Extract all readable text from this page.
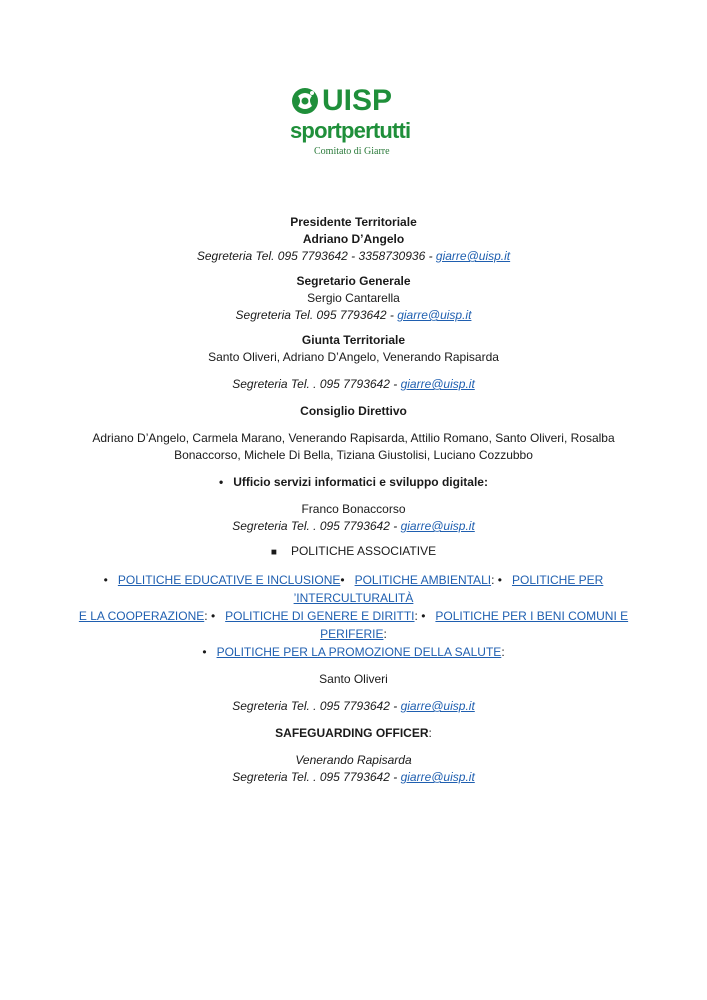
UISP
sportpertutti
Comitato di Giarre
Presidente Territoriale
Adriano D’Angelo
Segreteria Tel. 095 7793642 - 3358730936 - giarre@uisp.it
Segretario Generale
Sergio Cantarella
Segreteria Tel. 095 7793642 - giarre@uisp.it
Giunta Territoriale
Santo Oliveri, Adriano D’Angelo, Venerando Rapisarda
Segreteria Tel. . 095 7793642 - giarre@uisp.it
Consiglio Direttivo
Adriano D’Angelo, Carmela Marano, Venerando Rapisarda, Attilio Romano, Santo Oliveri, Rosalba
Bonaccorso, Michele Di Bella, Tiziana Giustolisi, Luciano Cozzubbo
• Ufficio servizi informatici e sviluppo digitale:
Franco Bonaccorso
Segreteria Tel. . 095 7793642 - giarre@uisp.it
■ POLITICHE ASSOCIATIVE
• POLITICHE EDUCATIVE E INCLUSIONE• POLITICHE AMBIENTALI: • POLITICHE PER ’INTERCULTURALITÀ
E LA COOPERAZIONE: • POLITICHE DI GENERE E DIRITTI: • POLITICHE PER I BENI COMUNI E PERIFERIE:
• POLITICHE PER LA PROMOZIONE DELLA SALUTE:
Santo Oliveri
Segreteria Tel. . 095 7793642 - giarre@uisp.it
SAFEGUARDING OFFICER:
Venerando Rapisarda
Segreteria Tel. . 095 7793642 - giarre@uisp.it
